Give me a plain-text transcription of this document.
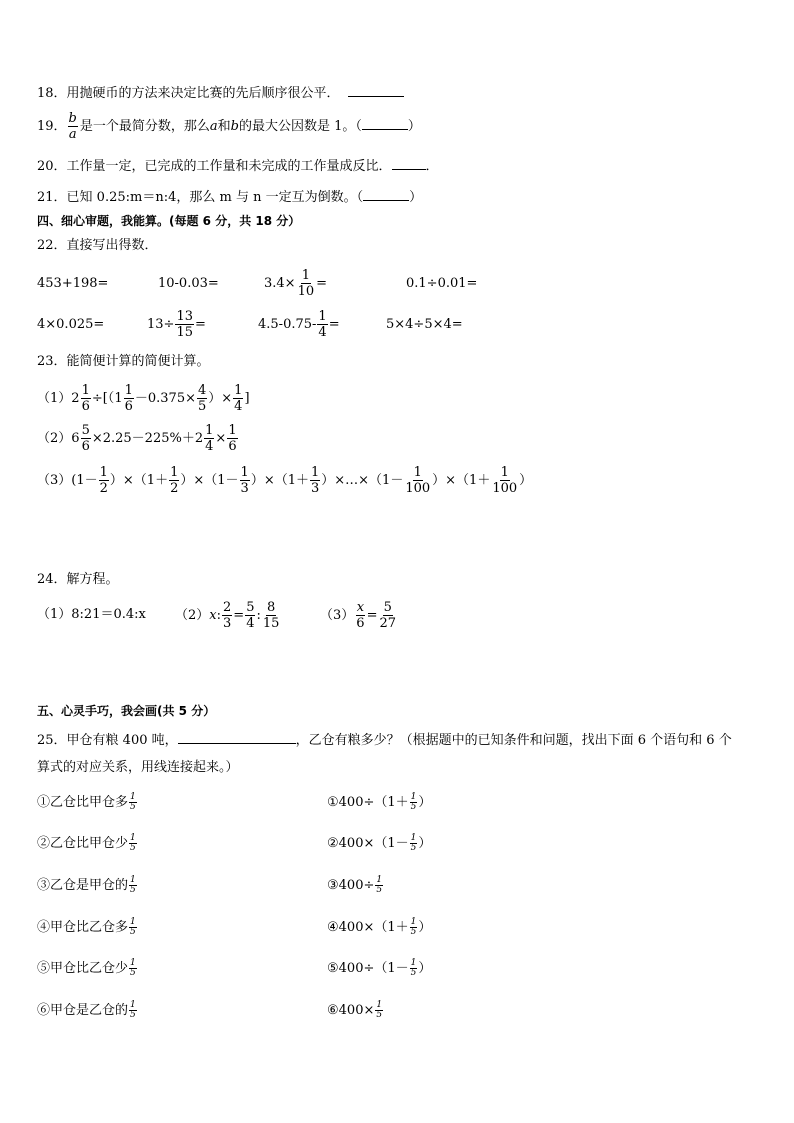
18．用抛硬币的方法来决定比赛的先后顺序很公平．
19． $\frac{b}{a}$ 是一个最简分数，那么a和b的最大公因数是 1。（	）
20．工作量一定，已完成的工作量和未完成的工作量成反比．	．
21．已知 0.25:m＝n:4，那么 m 与 n 一定互为倒数。（	）
四、细心审题，我能算。(每题 6 分，共 18 分）
22．直接写出得数．
453+198=	10-0.03=	$3.4\times \frac{1}{10}$ =	0.1÷0.01=
4×0.025=	$13\div \frac{13}{15}$ =	$4.5-0.75- \frac{1}{4}$ =	5×4÷5×4=
23．能简便计算的简便计算。
$(1)2 \frac{1}{6} \div[(1 \frac{1}{6} -0.375\times \frac{4}{5}$ ）× $\frac{1}{4}$ ]
$(2)6 \frac{5}{6} \times 2.25-225\%+2 \frac{1}{4} \times \frac{1}{6}$
$(3)(1- \frac{1}{2} )\times(1+ \frac{1}{2} )\times(1- \frac{1}{3} )\times(1+ \frac{1}{3}$ ）×…×（1－ $\frac{1}{100} )\times(1+ \frac{1}{100}$ ）
24．解方程。
（1）8:21＝0.4:x （2）x: $\frac{2}{3} = \frac{5}{4}$ : $\frac{8}{15}$	$(3) \frac{x}{6} = \frac{5}{27}$
五、心灵手巧，我会画(共 5 分）
25．甲仓有粮 400 吨，	，乙仓有粮多少？（根据题中的已知条件和问题，找出下面 6 个语句和 6 个
算式的对应关系，用线连接起来。）
①乙仓比甲仓多 $\frac{1}{5}$
②乙仓比甲仓少 $\frac{1}{5}$
③乙仓是甲仓的 $\frac{1}{5}$
④甲仓比乙仓多 $\frac{1}{5}$
⑤甲仓比乙仓少 $\frac{1}{5}$
⑥甲仓是乙仓的 $\frac{1}{5}$
①400÷（1＋ $\frac{1}{5}$ ）
②400×（1－ $\frac{1}{5}$ ）
③400÷ $\frac{1}{5}$
④400×（1＋ $\frac{1}{5}$ ）
⑤400÷（1－ $\frac{1}{5}$ ）
⑥400× $\frac{1}{5}$
